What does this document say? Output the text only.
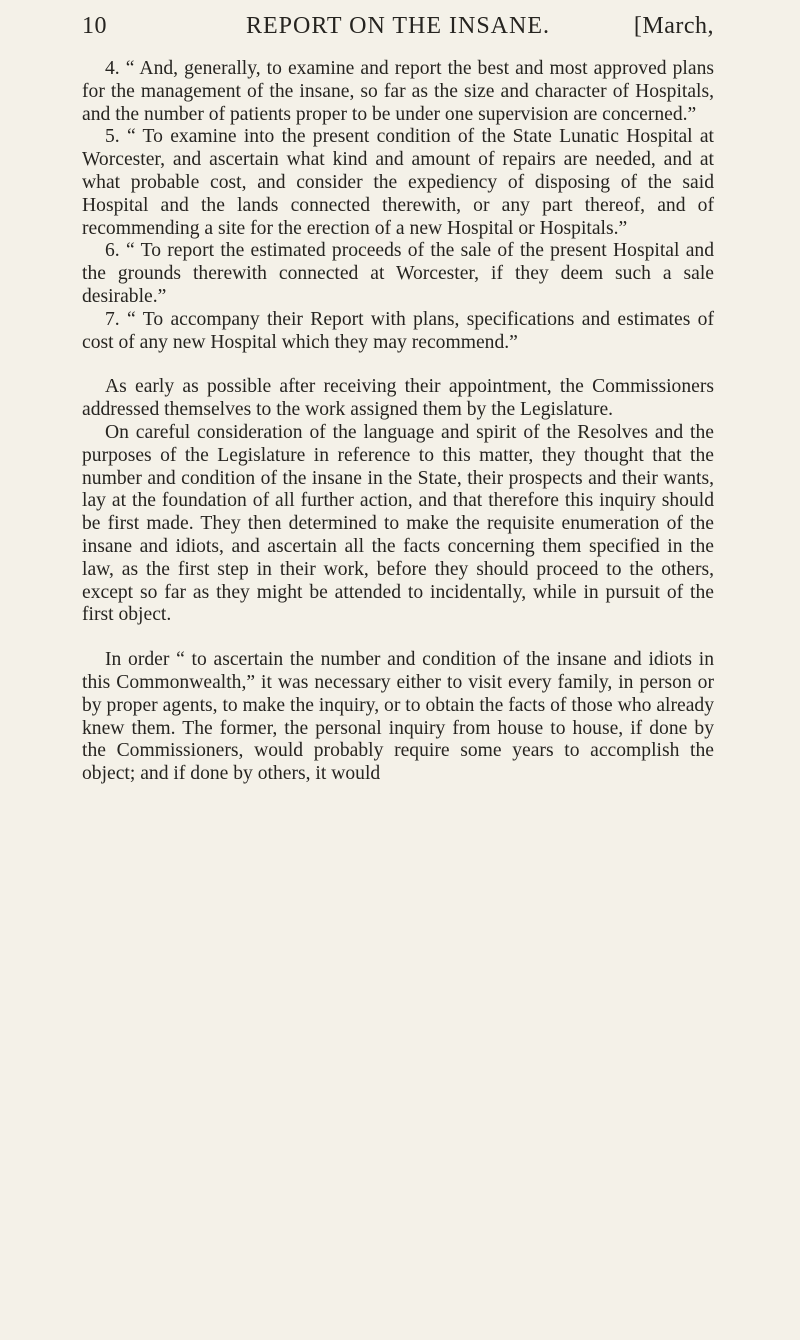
10	REPORT ON THE INSANE.	[March,

4. “ And, generally, to examine and report the best and most approved plans for the management of the insane, so far as the size and character of Hospitals, and the number of patients proper to be under one supervision are concerned.”

5. “ To examine into the present condition of the State Lunatic Hospital at Worcester, and ascertain what kind and amount of repairs are needed, and at what probable cost, and consider the expediency of disposing of the said Hospital and the lands connected therewith, or any part thereof, and of recommending a site for the erection of a new Hospital or Hospitals.”

6. “ To report the estimated proceeds of the sale of the present Hospital and the grounds therewith connected at Worcester, if they deem such a sale desirable.”

7. “ To accompany their Report with plans, specifications and estimates of cost of any new Hospital which they may recommend.”

As early as possible after receiving their appointment, the Commissioners addressed themselves to the work assigned them by the Legislature.

On careful consideration of the language and spirit of the Resolves and the purposes of the Legislature in reference to this matter, they thought that the number and condition of the insane in the State, their prospects and their wants, lay at the foundation of all further action, and that therefore this inquiry should be first made. They then determined to make the requisite enumeration of the insane and idiots, and ascertain all the facts concerning them specified in the law, as the first step in their work, before they should proceed to the others, except so far as they might be attended to incidentally, while in pursuit of the first object.

In order “ to ascertain the number and condition of the insane and idiots in this Commonwealth,” it was necessary either to visit every family, in person or by proper agents, to make the inquiry, or to obtain the facts of those who already knew them. The former, the personal inquiry from house to house, if done by the Commissioners, would probably require some years to accomplish the object; and if done by others, it would
